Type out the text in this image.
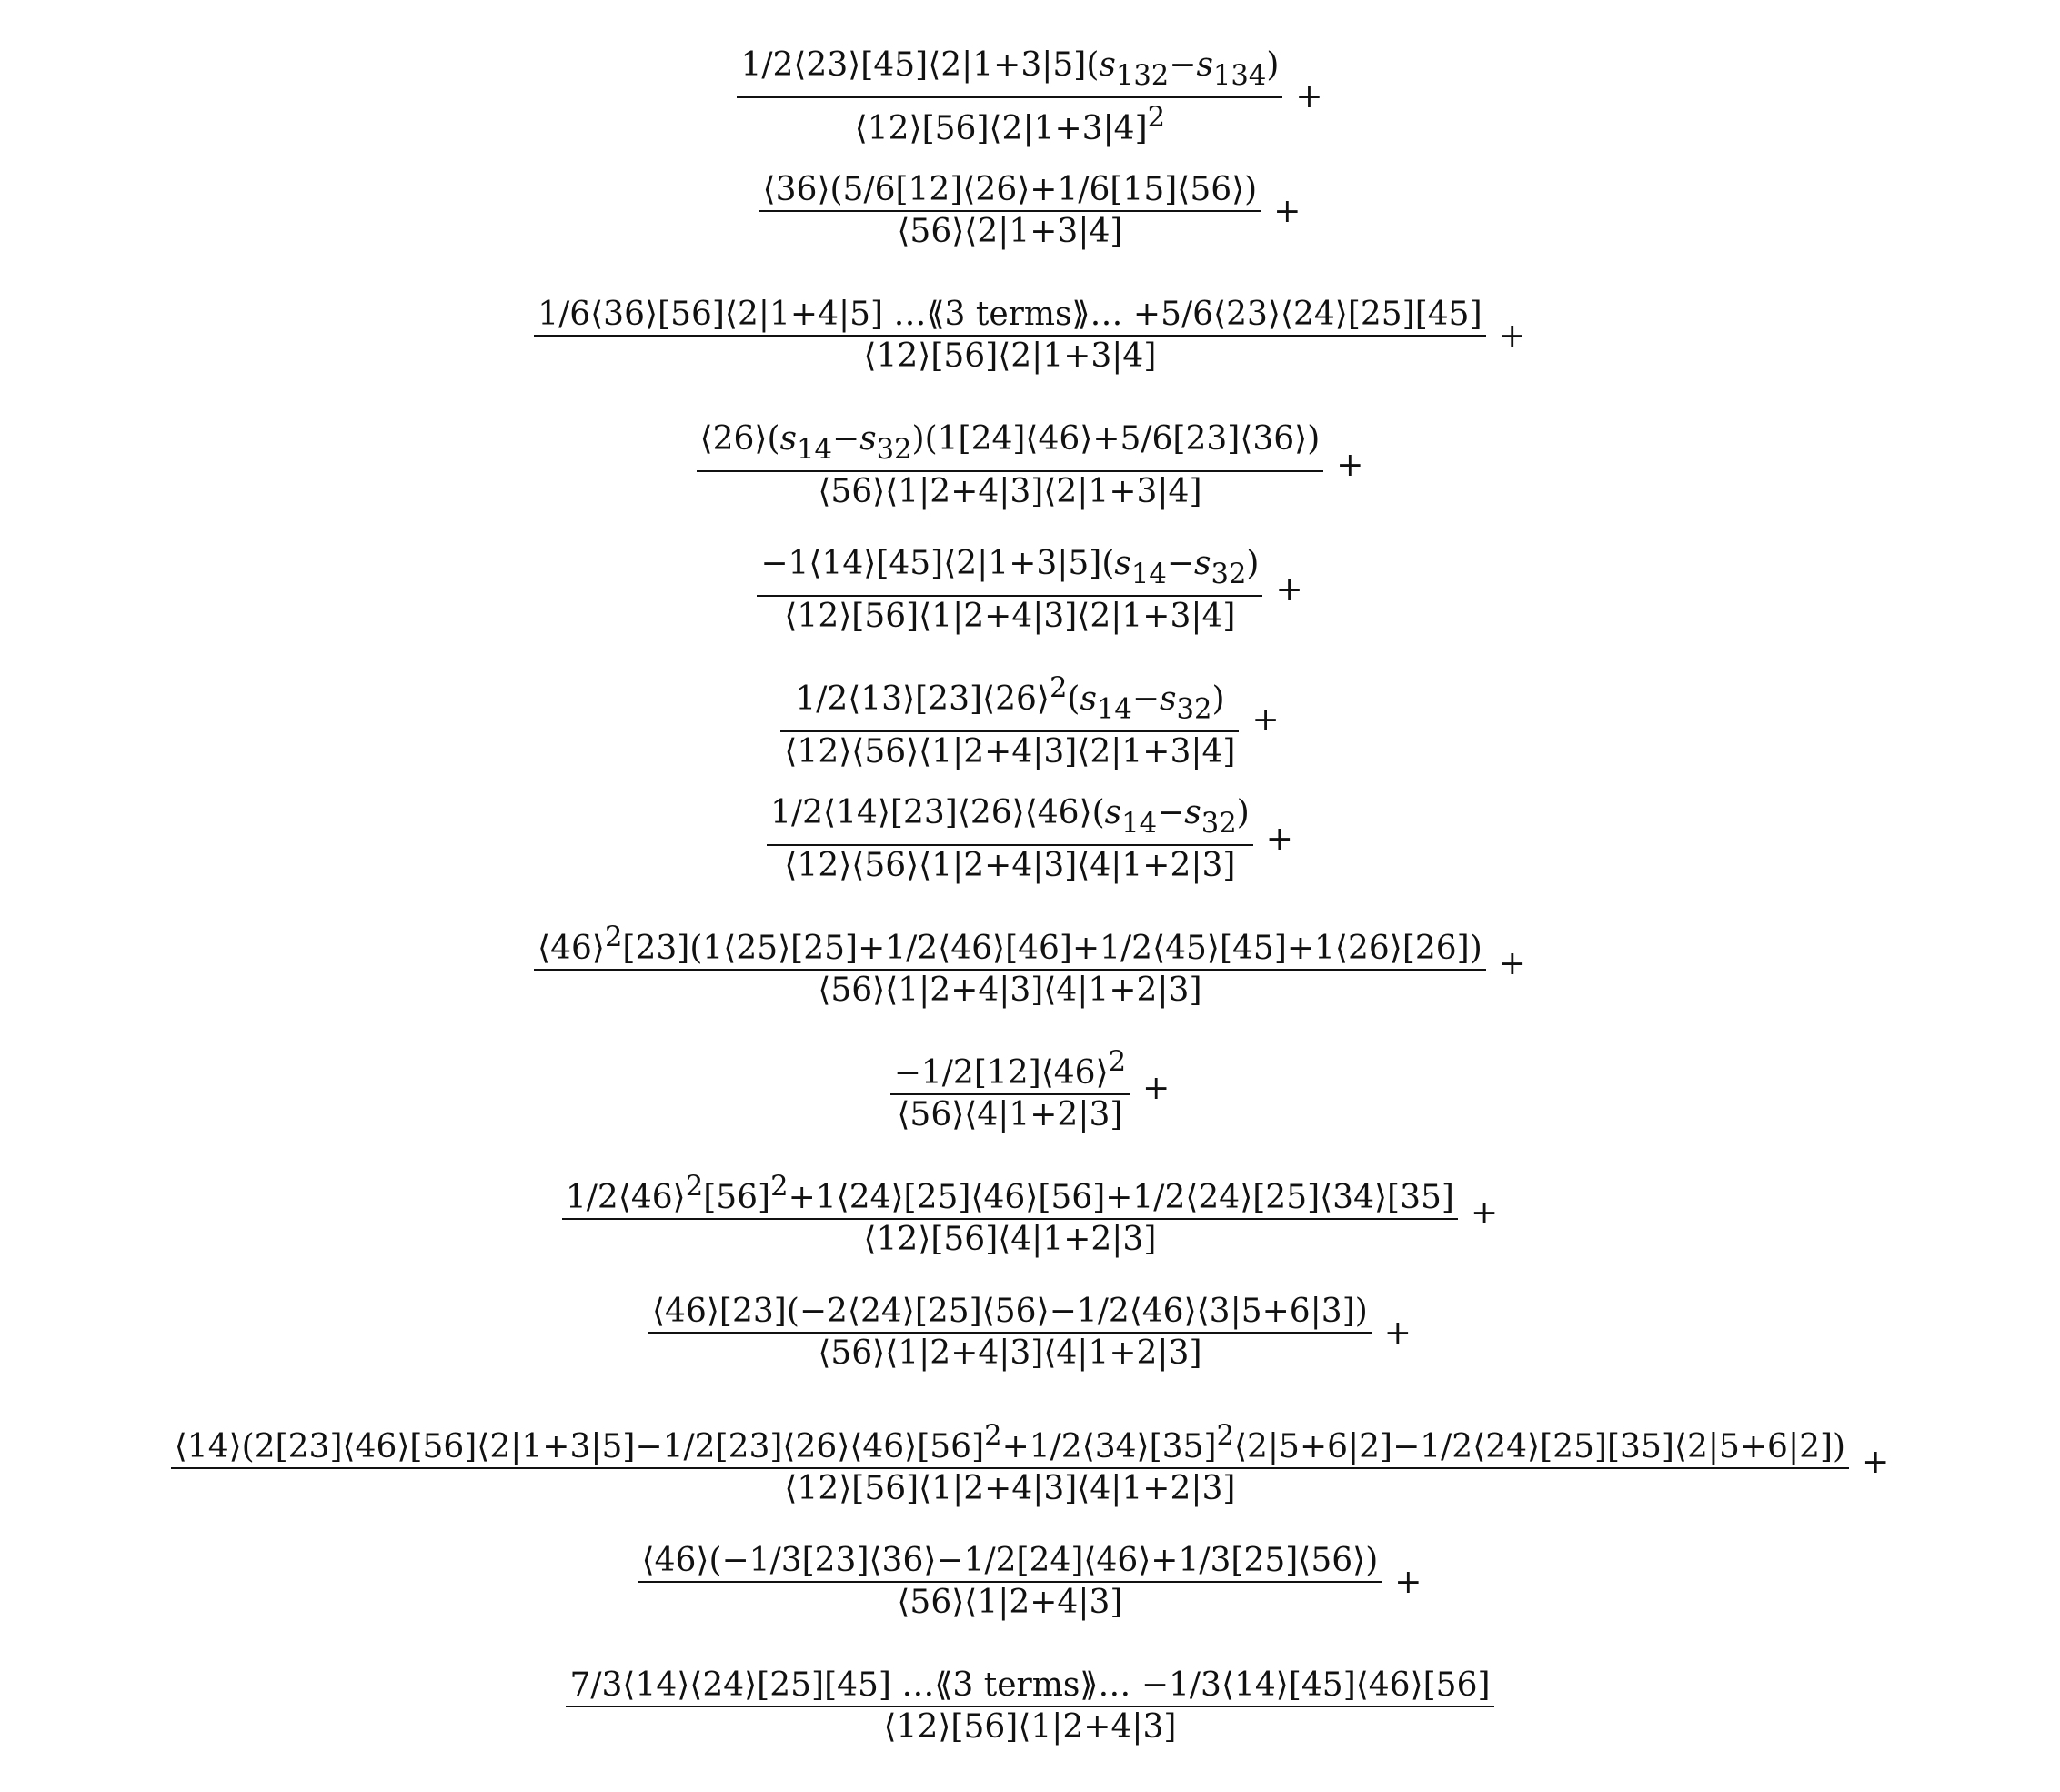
$\frac{1/2⟨23⟩[45]⟨2|1+3|5](s_{132}-s_{134})}{⟨12⟩[56]⟨2|1+3|4]^2}$ +
$\frac{⟨36⟩(5/6[12]⟨26⟩+1/6[15]⟨56⟩)}{⟨56⟩⟨2|1+3|4]}$ +
$\frac{\text{1/6⟨36⟩[56]⟨2|1+4|5] …⟪3 terms⟫… +5/6⟨23⟩⟨24⟩[25][45]}}{⟨12⟩[56]⟨2|1+3|4]}$ +
$\frac{⟨26⟩(s_{14}-s_{32})(1[24]⟨46⟩+5/6[23]⟨36⟩)}{⟨56⟩⟨1|2+4|3]⟨2|1+3|4]}$ +
$\frac{-1⟨14⟩[45]⟨2|1+3|5](s_{14}-s_{32})}{⟨12⟩[56]⟨1|2+4|3]⟨2|1+3|4]}$ +
$\frac{1/2⟨13⟩[23]⟨26⟩^2(s_{14}-s_{32})}{⟨12⟩⟨56⟩⟨1|2+4|3]⟨2|1+3|4]}$ +
$\frac{1/2⟨14⟩[23]⟨26⟩⟨46⟩(s_{14}-s_{32})}{⟨12⟩⟨56⟩⟨1|2+4|3]⟨4|1+2|3]}$ +
$\frac{⟨46⟩^2[23](1⟨25⟩[25]+1/2⟨46⟩[46]+1/2⟨45⟩[45]+1⟨26⟩[26])}{⟨56⟩⟨1|2+4|3]⟨4|1+2|3]}$ +
$\frac{-1/2[12]⟨46⟩^2}{⟨56⟩⟨4|1+2|3]}$ +
$\frac{1/2⟨46⟩^2[56]^2+1⟨24⟩[25]⟨46⟩[56]+1/2⟨24⟩[25]⟨34⟩[35]}{⟨12⟩[56]⟨4|1+2|3]}$ +
$\frac{⟨46⟩[23](-2⟨24⟩[25]⟨56⟩-1/2⟨46⟩⟨3|5+6|3])}{⟨56⟩⟨1|2+4|3]⟨4|1+2|3]}$ +
$⟨14⟩(2[23]⟨46⟩[56]⟨2|1+3|5]-1/2[23]⟨26⟩⟨46⟩[56]^2+1/2⟨34⟩[35]^2⟨2|5+6|2]-1/2⟨24⟩[25][35]⟨2|5+6|2$])
⟨12⟩[56]⟨1|2+4|3]⟨4|1+2|3]
+
$\frac{⟨46⟩(-1/3[23]⟨36⟩-1/2[24]⟨46⟩+1/3[25]⟨56⟩)}{⟨56⟩⟨1|2+4|3]}$ +
$\frac{\text{7/3⟨14⟩⟨24⟩[25][45] …⟪3 terms⟫… −1/3⟨14⟩[45]⟨46⟩[56]}}{⟨12⟩[56]⟨1|2+4|3]}$
